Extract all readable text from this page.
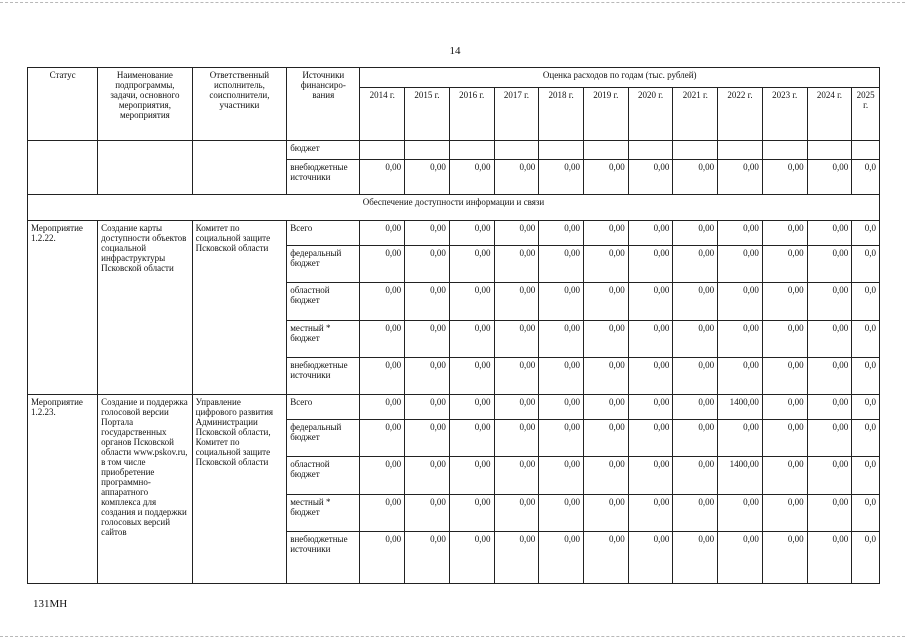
14
Статус	Наименование подпрограммы, задачи, основного мероприятия, мероприятия	Ответственный исполнитель, соисполнители, участники	Источники финансиро-вания	Оценка расходов по годам (тыс. рублей)											
				2014 г.	2015 г.	2016 г.	2017 г.	2018 г.	2019 г.	2020 г.	2021 г.	2022 г.	2023 г.	2024 г.	2025 г.
			бюджет												
			внебюджетные источники	0,00	0,00	0,00	0,00	0,00	0,00	0,00	0,00	0,00	0,00	0,00	0,0
Обеспечение доступности информации и связи															
Мероприятие 1.2.22.	Создание карты доступности объектов социальной инфраструктуры Псковской области	Комитет по социальной защите Псковской области	Всего	0,00	0,00	0,00	0,00	0,00	0,00	0,00	0,00	0,00	0,00	0,00	0,0
			федеральный бюджет	0,00	0,00	0,00	0,00	0,00	0,00	0,00	0,00	0,00	0,00	0,00	0,0
			областной бюджет	0,00	0,00	0,00	0,00	0,00	0,00	0,00	0,00	0,00	0,00	0,00	0,0
			местный * бюджет	0,00	0,00	0,00	0,00	0,00	0,00	0,00	0,00	0,00	0,00	0,00	0,0
			внебюджетные источники	0,00	0,00	0,00	0,00	0,00	0,00	0,00	0,00	0,00	0,00	0,00	0,0
Мероприятие 1.2.23.	Создание и поддержка голосовой версии Портала государственных органов Псковской области www.pskov.ru, в том числе приобретение программно-аппаратного комплекса для создания и поддержки голосовых версий сайтов	Управление цифрового развития Администрации Псковской области, Комитет по социальной защите Псковской области	Всего	0,00	0,00	0,00	0,00	0,00	0,00	0,00	0,00	1400,00	0,00	0,00	0,0
			федеральный бюджет	0,00	0,00	0,00	0,00	0,00	0,00	0,00	0,00	0,00	0,00	0,00	0,0
			областной бюджет	0,00	0,00	0,00	0,00	0,00	0,00	0,00	0,00	1400,00	0,00	0,00	0,0
			местный * бюджет	0,00	0,00	0,00	0,00	0,00	0,00	0,00	0,00	0,00	0,00	0,00	0,0
			внебюджетные источники	0,00	0,00	0,00	0,00	0,00	0,00	0,00	0,00	0,00	0,00	0,00	0,0
131МН
